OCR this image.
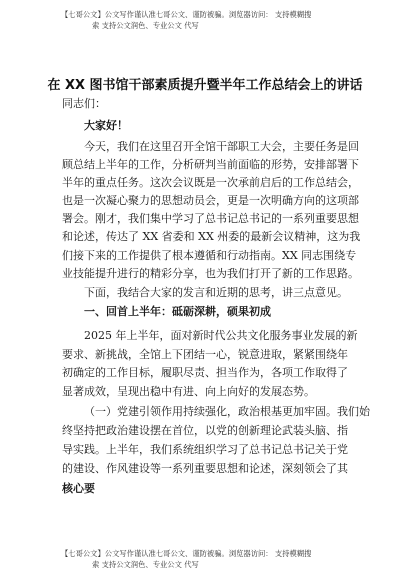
【七哥公文】公文写作谨认准七哥公文、谨防被骗。浏览器访问： 支持模糊搜
索 支持公文润色、专业公文 代写
在 XX 图书馆干部素质提升暨半年工作总结会上的讲话
同志们：
大家好！
今天，我们在这里召开全馆干部职工大会，主要任务是回
顾总结上半年的工作，分析研判当前面临的形势，安排部署下
半年的重点任务。这次会议既是一次承前启后的工作总结会，
也是一次凝心聚力的思想动员会，更是一次明确方向的这项部
署会。刚才，我们集中学习了总书记总书记的一系列重要思想
和论述，传达了 XX 省委和 XX 州委的最新会议精神，这为我
们接下来的工作提供了根本遵循和行动指南。XX 同志围绕专
业技能提升进行的精彩分享，也为我们打开了新的工作思路。
下面，我结合大家的发言和近期的思考，讲三点意见。
一、回首上半年：砥砺深耕，硕果初成
2025 年上半年，面对新时代公共文化服务事业发展的新
要求、新挑战，全馆上下团结一心，锐意进取，紧紧围绕年
初确定的工作目标，履职尽责、担当作为，各项工作取得了
显著成效，呈现出稳中有进、向上向好的发展态势。
（一）党建引领作用持续强化，政治根基更加牢固。我们始
终坚持把政治建设摆在首位，以党的创新理论武装头脑、指
导实践。上半年，我们系统组织学习了总书记总书记关于党
的建设、作风建设等一系列重要思想和论述，深刻领会了其
核心要
【七哥公文】公文写作谨认准七哥公文、谨防被骗。浏览器访问： 支持模糊搜
索 支持公文润色、专业公文 代写
